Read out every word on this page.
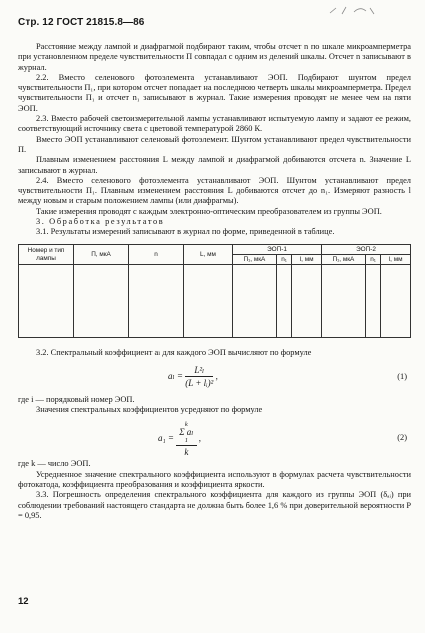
Стр. 12 ГОСТ 21815.8—86

Расстояние между лампой и диафрагмой подбирают таким, чтобы отсчет n по шкале микроамперметра при установленном пределе чувствительности П совпадал с одним из делений шкалы. Отсчет n записывают в журнал.

2.2. Вместо селенового фотоэлемента устанавливают ЭОП. Подбирают шунтом предел чувствительности П₁, при котором отсчет попадает на последнюю четверть шкалы микроамперметра. Предел чувствительности П₁ и отсчет n₁ записывают в журнал. Такие измерения проводят не менее чем на пяти ЭОП.

2.3. Вместо рабочей светоизмерительной лампы устанавливают испытуемую лампу и задают ее режим, соответствующий источнику света с цветовой температурой 2860 К.

Вместо ЭОП устанавливают селеновый фотоэлемент. Шунтом устанавливают предел чувствительности П.

Плавным изменением расстояния L между лампой и диафрагмой добиваются отсчета n. Значение L записывают в журнал.

2.4. Вместо селенового фотоэлемента устанавливают ЭОП. Шунтом устанавливают предел чувствительности П₁. Плавным изменением расстояния L добиваются отсчет до n₁. Измеряют разность l между новым и старым положением лампы (или диафрагмы).

Такие измерения проводят с каждым электронно-оптическим преобразователем из группы ЭОП.

3. Обработка результатов

3.1. Результаты измерений записывают в журнал по форме, приведенной в таблице.

Номер и тип лампы	П, мкА	n	L, мм	ЭОП-1			ЭОП-2		
				П₁, мкА	n₁	l, мм	П₁, мкА	n₁	l, мм

3.2. Спектральный коэффициент aₗ для каждого ЭОП вычисляют по формуле

$a_l = \frac{\text{L²ₗ}}{\text{(L + lᵢ)²}}$ ,	(1)

где i — порядковый номер ЭОП.

Значения спектральных коэффициентов усредняют по формуле

a₁ = k
Σ aₗ
1
k ,	(2)

где k — число ЭОП.

Усредненное значение спектрального коэффициента используют в формулах расчета чувствительности фотокатода, коэффициента преобразования и коэффициента яркости.

3.3. Погрешность определения спектрального коэффициента для каждого из группы ЭОП (δₐᵢ) при соблюдении требований настоящего стандарта не должна быть более 1,6 % при доверительной вероятности P = 0,95.

12
